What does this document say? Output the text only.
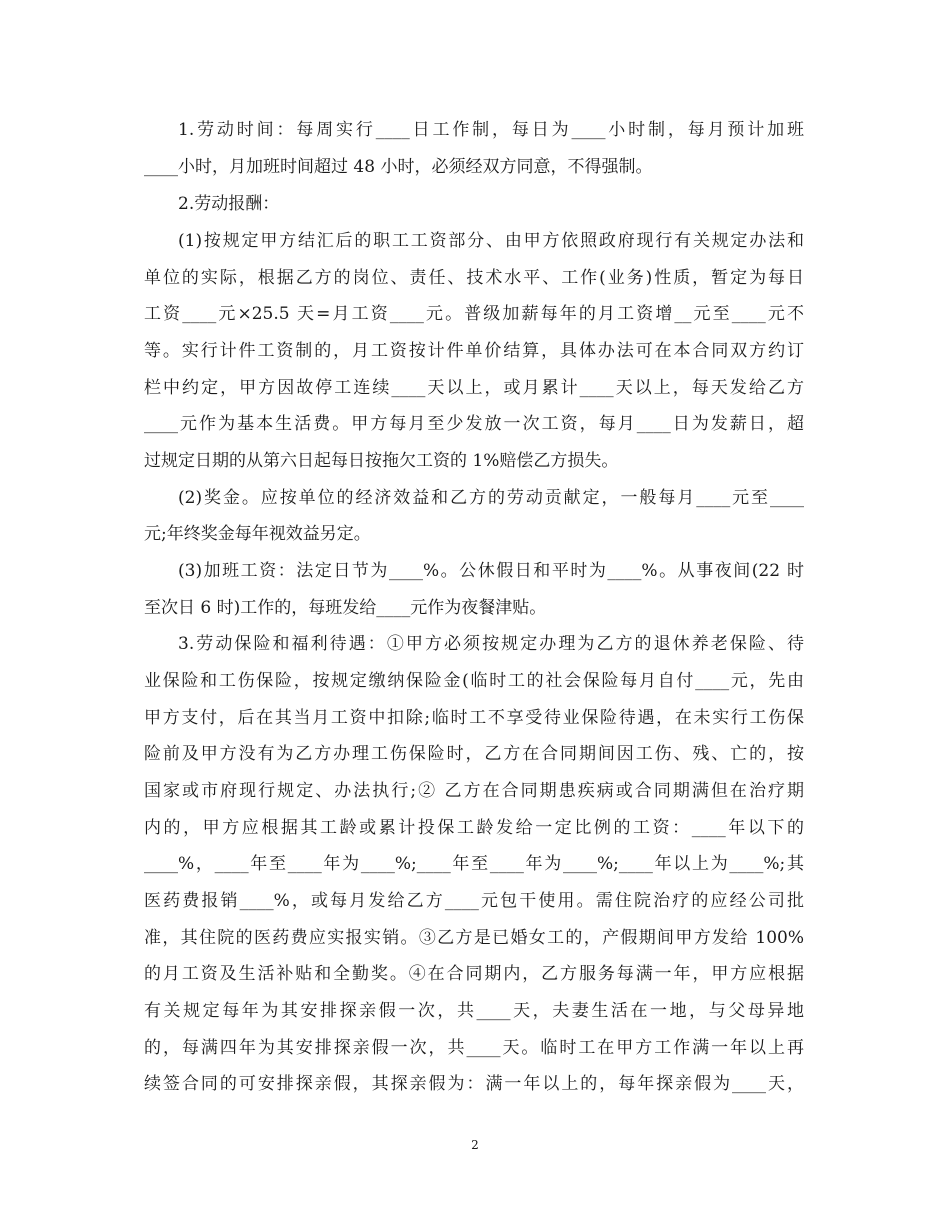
1.劳动时间：每周实行____日工作制，每日为____小时制，每月预计加班
____小时，月加班时间超过 48 小时，必须经双方同意，不得强制。
2.劳动报酬：
(1)按规定甲方结汇后的职工工资部分、由甲方依照政府现行有关规定办法和
单位的实际，根据乙方的岗位、责任、技术水平、工作(业务)性质，暂定为每日
工资____元×25.5 天=月工资____元。普级加薪每年的月工资增__元至____元不
等。实行计件工资制的，月工资按计件单价结算，具体办法可在本合同双方约订
栏中约定，甲方因故停工连续____天以上，或月累计____天以上，每天发给乙方
____元作为基本生活费。甲方每月至少发放一次工资，每月____日为发薪日，超
过规定日期的从第六日起每日按拖欠工资的 1%赔偿乙方损失。
(2)奖金。应按单位的经济效益和乙方的劳动贡献定，一般每月____元至____
元;年终奖金每年视效益另定。
(3)加班工资：法定日节为____%。公休假日和平时为____%。从事夜间(22 时
至次日 6 时)工作的，每班发给____元作为夜餐津贴。
3.劳动保险和福利待遇：①甲方必须按规定办理为乙方的退休养老保险、待
业保险和工伤保险，按规定缴纳保险金(临时工的社会保险每月自付____元，先由
甲方支付，后在其当月工资中扣除;临时工不享受待业保险待遇，在未实行工伤保
险前及甲方没有为乙方办理工伤保险时，乙方在合同期间因工伤、残、亡的，按
国家或市府现行规定、办法执行;② 乙方在合同期患疾病或合同期满但在治疗期
内的，甲方应根据其工龄或累计投保工龄发给一定比例的工资：____年以下的
____%，____年至____年为____%;____年至____年为____%;____年以上为____%;其
医药费报销____%，或每月发给乙方____元包干使用。需住院治疗的应经公司批
准，其住院的医药费应实报实销。③乙方是已婚女工的，产假期间甲方发给 100%
的月工资及生活补贴和全勤奖。④在合同期内，乙方服务每满一年，甲方应根据
有关规定每年为其安排探亲假一次，共____天，夫妻生活在一地，与父母异地
的，每满四年为其安排探亲假一次，共____天。临时工在甲方工作满一年以上再
续签合同的可安排探亲假，其探亲假为：满一年以上的，每年探亲假为____天，
2
